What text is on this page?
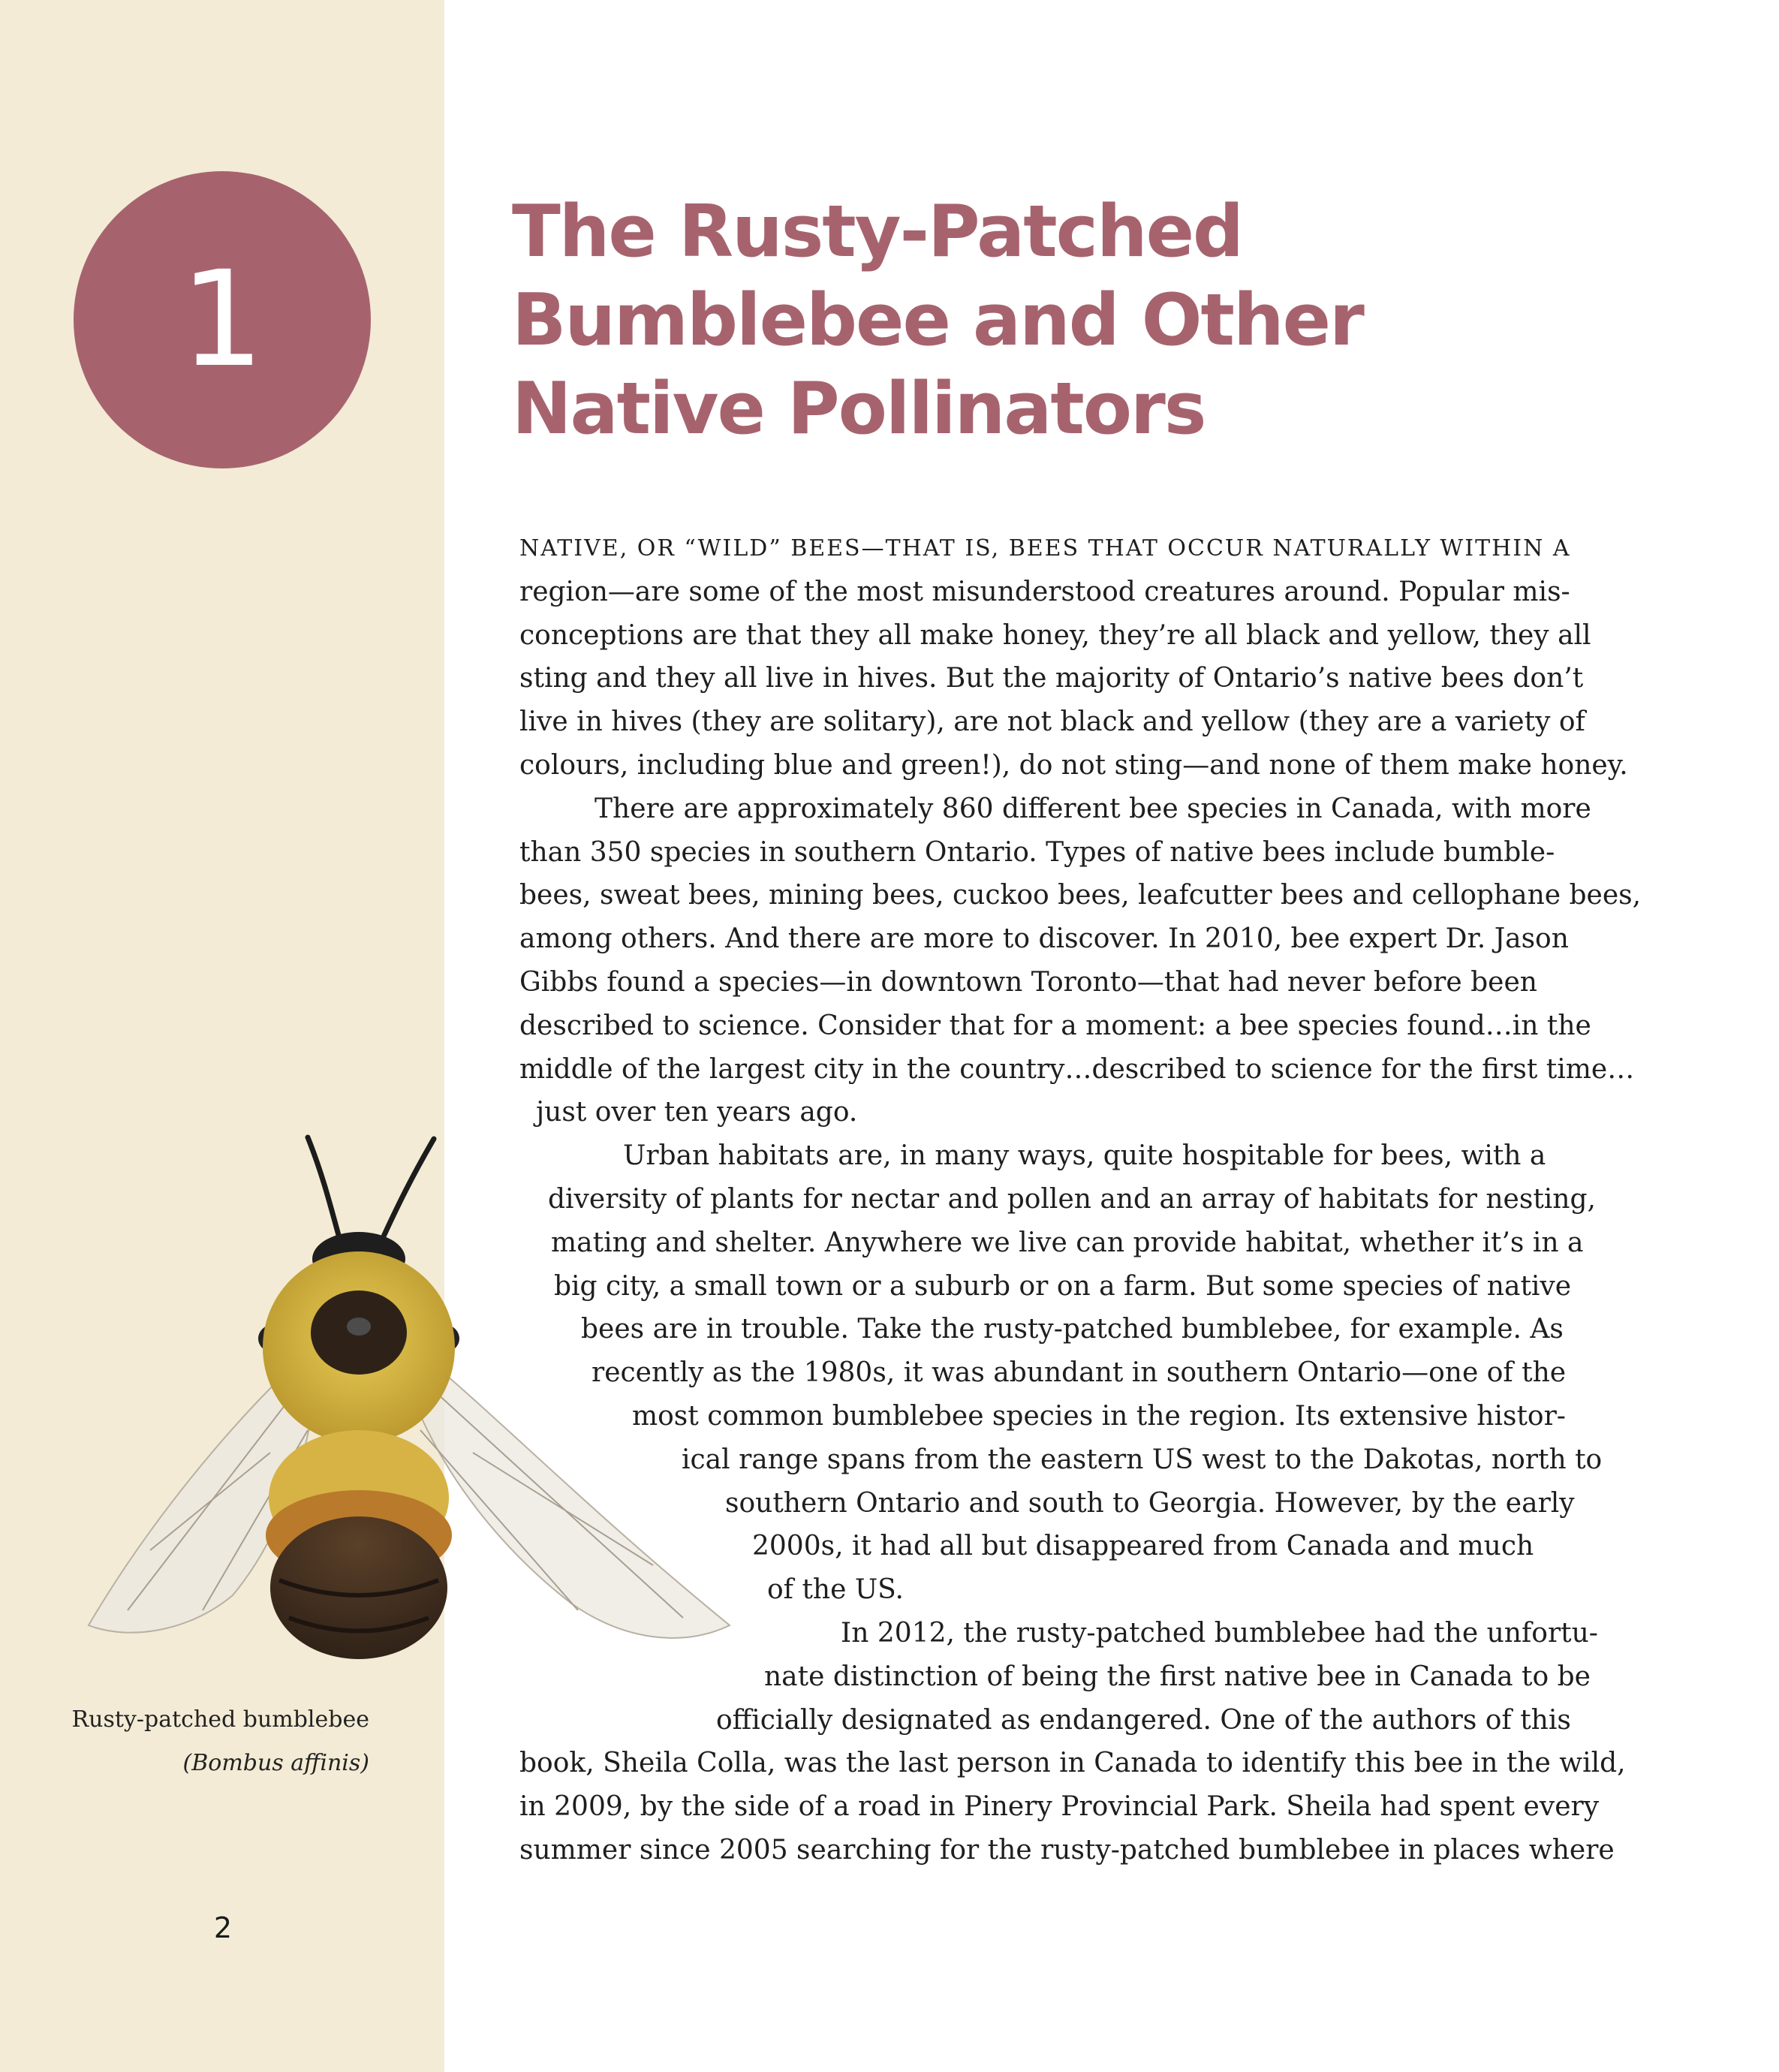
1
The Rusty-Patched
Bumblebee and Other
Native Pollinators
NATIVE, OR “WILD” BEES—THAT IS, BEES THAT OCCUR NATURALLY WITHIN A
region—are some of the most misunderstood creatures around. Popular mis-
conceptions are that they all make honey, they’re all black and yellow, they all
sting and they all live in hives. But the majority of Ontario’s native bees don’t
live in hives (they are solitary), are not black and yellow (they are a variety of
colours, including blue and green!), do not sting—and none of them make honey.
There are approximately 860 different bee species in Canada, with more
than 350 species in southern Ontario. Types of native bees include bumble-
bees, sweat bees, mining bees, cuckoo bees, leafcutter bees and cellophane bees,
among others. And there are more to discover. In 2010, bee expert Dr. Jason
Gibbs found a species—in downtown Toronto—that had never before been
described to science. Consider that for a moment: a bee species found…in the
middle of the largest city in the country…described to science for the first time…
just over ten years ago.
Urban habitats are, in many ways, quite hospitable for bees, with a
diversity of plants for nectar and pollen and an array of habitats for nesting,
mating and shelter. Anywhere we live can provide habitat, whether it’s in a
big city, a small town or a suburb or on a farm. But some species of native
bees are in trouble. Take the rusty-patched bumblebee, for example. As
recently as the 1980s, it was abundant in southern Ontario—one of the
most common bumblebee species in the region. Its extensive histor-
ical range spans from the eastern US west to the Dakotas, north to
southern Ontario and south to Georgia. However, by the early
2000s, it had all but disappeared from Canada and much
of the US.
In 2012, the rusty-patched bumblebee had the unfortu-
nate distinction of being the first native bee in Canada to be
officially designated as endangered. One of the authors of this
book, Sheila Colla, was the last person in Canada to identify this bee in the wild,
in 2009, by the side of a road in Pinery Provincial Park. Sheila had spent every
summer since 2005 searching for the rusty-patched bumblebee in places where
Rusty-patched bumblebee
(Bombus affinis)
2
